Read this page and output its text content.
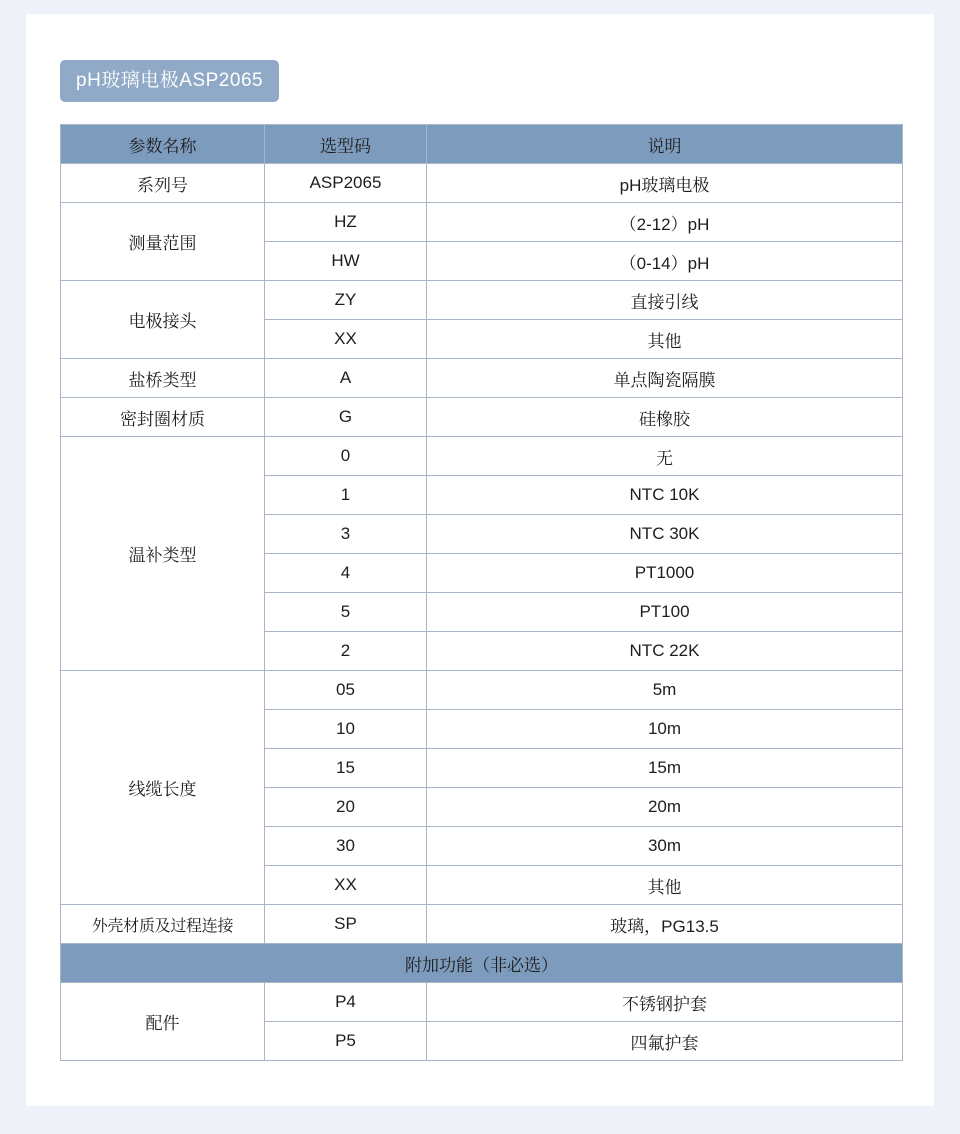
pH玻璃电极ASP2065
参数名称	选型码	说明
系列号	ASP2065	pH玻璃电极
测量范围	HZ	（2-12）pH
	HW	（0-14）pH
电极接头	ZY	直接引线
	XX	其他
盐桥类型	A	单点陶瓷隔膜
密封圈材质	G	硅橡胶
温补类型	0	无
	1	NTC 10K
	3	NTC 30K
	4	PT1000
	5	PT100
	2	NTC 22K
线缆长度	05	5m
	10	10m
	15	15m
	20	20m
	30	30m
	XX	其他
外壳材质及过程连接	SP	玻璃，PG13.5
附加功能（非必选）		
配件	P4	不锈钢护套
	P5	四氟护套
